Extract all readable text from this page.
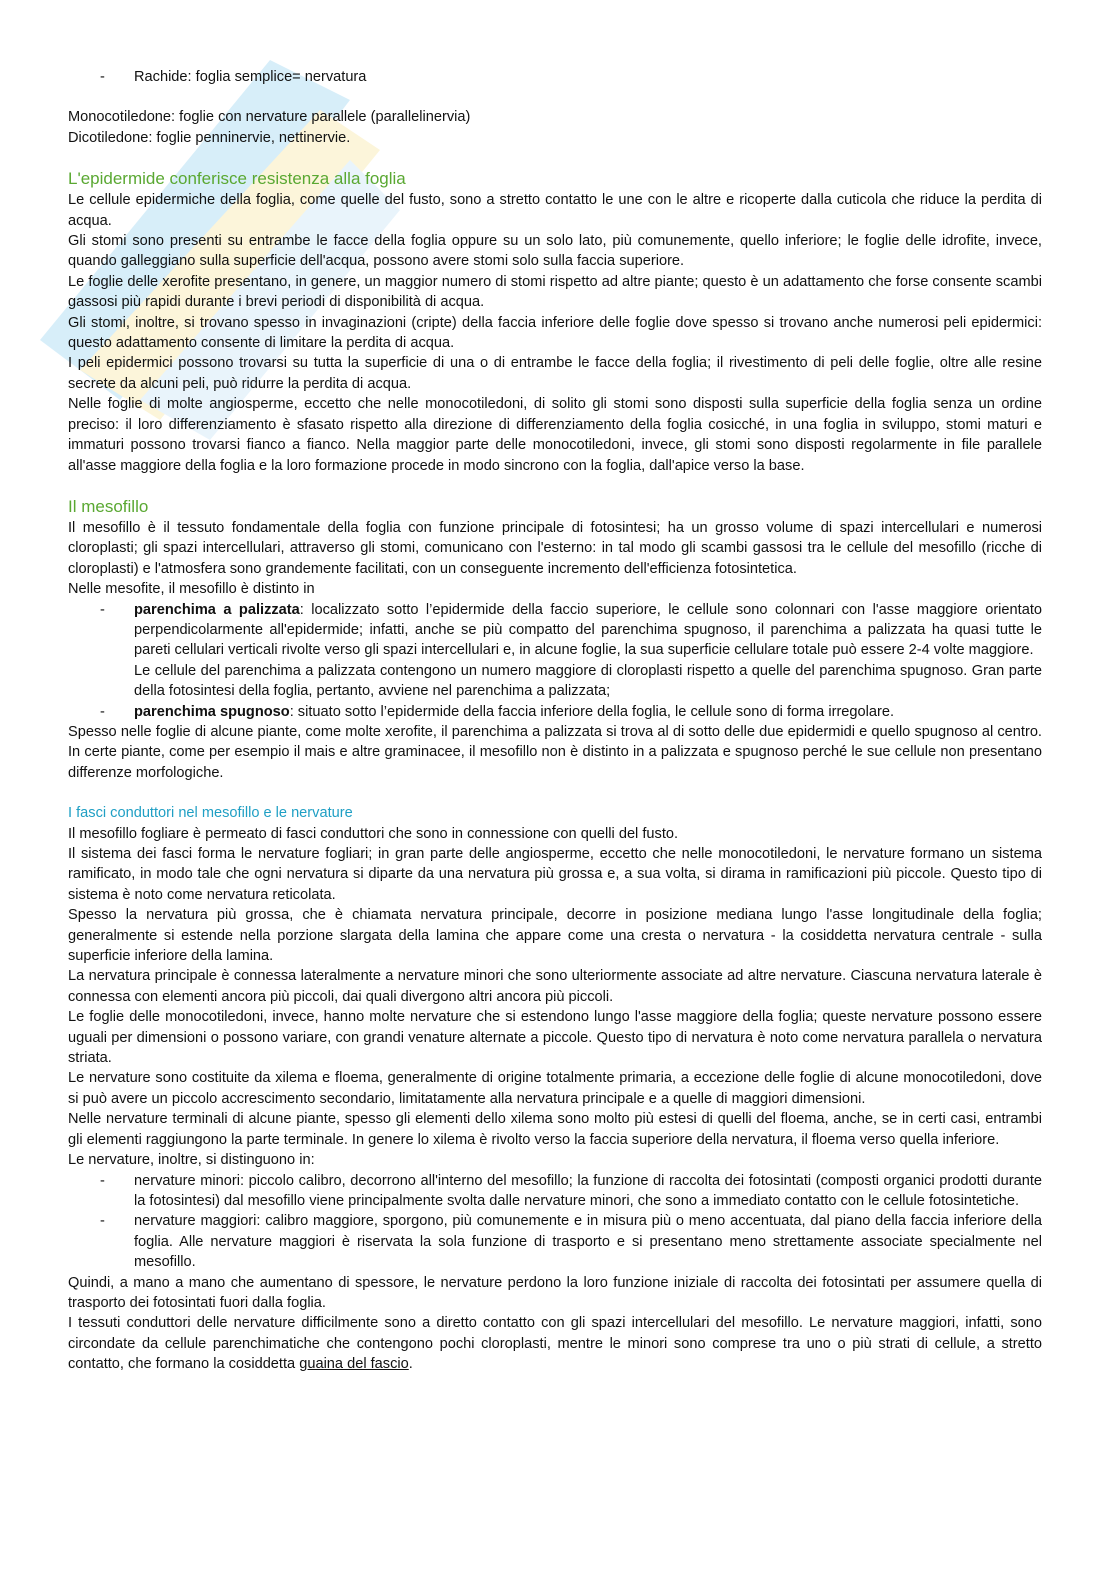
- Rachide: foglia semplice= nervatura

Monocotiledone: foglie con nervature parallele (parallelinervia)

Dicotiledone: foglie penninervie, nettinervie.

L'epidermide conferisce resistenza alla foglia

Le cellule epidermiche della foglia, come quelle del fusto, sono a stretto contatto le une con le altre e ricoperte dalla cuticola che riduce la perdita di acqua.

Gli stomi sono presenti su entrambe le facce della foglia oppure su un solo lato, più comunemente, quello inferiore; le foglie delle idrofite, invece, quando galleggiano sulla superficie dell'acqua, possono avere stomi solo sulla faccia superiore.

Le foglie delle xerofite presentano, in genere, un maggior numero di stomi rispetto ad altre piante; questo è un adattamento che forse consente scambi gassosi più rapidi durante i brevi periodi di disponibilità di acqua.

Gli stomi, inoltre, si trovano spesso in invaginazioni (cripte) della faccia inferiore delle foglie dove spesso si trovano anche numerosi peli epidermici: questo adattamento consente di limitare la perdita di acqua.

I peli epidermici possono trovarsi su tutta la superficie di una o di entrambe le facce della foglia; il rivestimento di peli delle foglie, oltre alle resine secrete da alcuni peli, può ridurre la perdita di acqua.

Nelle foglie di molte angiosperme, eccetto che nelle monocotiledoni, di solito gli stomi sono disposti sulla superficie della foglia senza un ordine preciso: il loro differenziamento è sfasato rispetto alla direzione di differenziamento della foglia cosicché, in una foglia in sviluppo, stomi maturi e immaturi possono trovarsi fianco a fianco. Nella maggior parte delle monocotiledoni, invece, gli stomi sono disposti regolarmente in file parallele all'asse maggiore della foglia e la loro formazione procede in modo sincrono con la foglia, dall'apice verso la base.

Il mesofillo

Il mesofillo è il tessuto fondamentale della foglia con funzione principale di fotosintesi; ha un grosso volume di spazi intercellulari e numerosi cloroplasti; gli spazi intercellulari, attraverso gli stomi, comunicano con l'esterno: in tal modo gli scambi gassosi tra le cellule del mesofillo (ricche di cloroplasti) e l'atmosfera sono grandemente facilitati, con un conseguente incremento dell'efficienza fotosintetica.

Nelle mesofite, il mesofillo è distinto in

- parenchima a palizzata: localizzato sotto l’epidermide della faccio superiore, le cellule sono colonnari con l'asse maggiore orientato perpendicolarmente all'epidermide; infatti, anche se più compatto del parenchima spugnoso, il parenchima a palizzata ha quasi tutte le pareti cellulari verticali rivolte verso gli spazi intercellulari e, in alcune foglie, la sua superficie cellulare totale può essere 2-4 volte maggiore.
Le cellule del parenchima a palizzata contengono un numero maggiore di cloroplasti rispetto a quelle del parenchima spugnoso. Gran parte della fotosintesi della foglia, pertanto, avviene nel parenchima a palizzata;
- parenchima spugnoso: situato sotto l’epidermide della faccia inferiore della foglia, le cellule sono di forma irregolare.

Spesso nelle foglie di alcune piante, come molte xerofite, il parenchima a palizzata si trova al di sotto delle due epidermidi e quello spugnoso al centro. In certe piante, come per esempio il mais e altre graminacee, il mesofillo non è distinto in a palizzata e spugnoso perché le sue cellule non presentano differenze morfologiche.

I fasci conduttori nel mesofillo e le nervature

Il mesofillo fogliare è permeato di fasci conduttori che sono in connessione con quelli del fusto.

Il sistema dei fasci forma le nervature fogliari; in gran parte delle angiosperme, eccetto che nelle monocotiledoni, le nervature formano un sistema ramificato, in modo tale che ogni nervatura si diparte da una nervatura più grossa e, a sua volta, si dirama in ramificazioni più piccole. Questo tipo di sistema è noto come nervatura reticolata.

Spesso la nervatura più grossa, che è chiamata nervatura principale, decorre in posizione mediana lungo l'asse longitudinale della foglia; generalmente si estende nella porzione slargata della lamina che appare come una cresta o nervatura - la cosiddetta nervatura centrale - sulla superficie inferiore della lamina.

La nervatura principale è connessa lateralmente a nervature minori che sono ulteriormente associate ad altre nervature. Ciascuna nervatura laterale è connessa con elementi ancora più piccoli, dai quali divergono altri ancora più piccoli.

Le foglie delle monocotiledoni, invece, hanno molte nervature che si estendono lungo l'asse maggiore della foglia; queste nervature possono essere uguali per dimensioni o possono variare, con grandi venature alternate a piccole. Questo tipo di nervatura è noto come nervatura parallela o nervatura striata.

Le nervature sono costituite da xilema e floema, generalmente di origine totalmente primaria, a eccezione delle foglie di alcune monocotiledoni, dove si può avere un piccolo accrescimento secondario, limitatamente alla nervatura principale e a quelle di maggiori dimensioni.

Nelle nervature terminali di alcune piante, spesso gli elementi dello xilema sono molto più estesi di quelli del floema, anche, se in certi casi, entrambi gli elementi raggiungono la parte terminale. In genere lo xilema è rivolto verso la faccia superiore della nervatura, il floema verso quella inferiore.

Le nervature, inoltre, si distinguono in:

- nervature minori: piccolo calibro, decorrono all'interno del mesofillo; la funzione di raccolta dei fotosintati (composti organici prodotti durante la fotosintesi) dal mesofillo viene principalmente svolta dalle nervature minori, che sono a immediato contatto con le cellule fotosintetiche.
- nervature maggiori: calibro maggiore, sporgono, più comunemente e in misura più o meno accentuata, dal piano della faccia inferiore della foglia. Alle nervature maggiori è riservata la sola funzione di trasporto e si presentano meno strettamente associate specialmente nel mesofillo.

Quindi, a mano a mano che aumentano di spessore, le nervature perdono la loro funzione iniziale di raccolta dei fotosintati per assumere quella di trasporto dei fotosintati fuori dalla foglia.

I tessuti conduttori delle nervature difficilmente sono a diretto contatto con gli spazi intercellulari del mesofillo. Le nervature maggiori, infatti, sono circondate da cellule parenchimatiche che contengono pochi cloroplasti, mentre le minori sono comprese tra uno o più strati di cellule, a stretto contatto, che formano la cosiddetta guaina del fascio.
